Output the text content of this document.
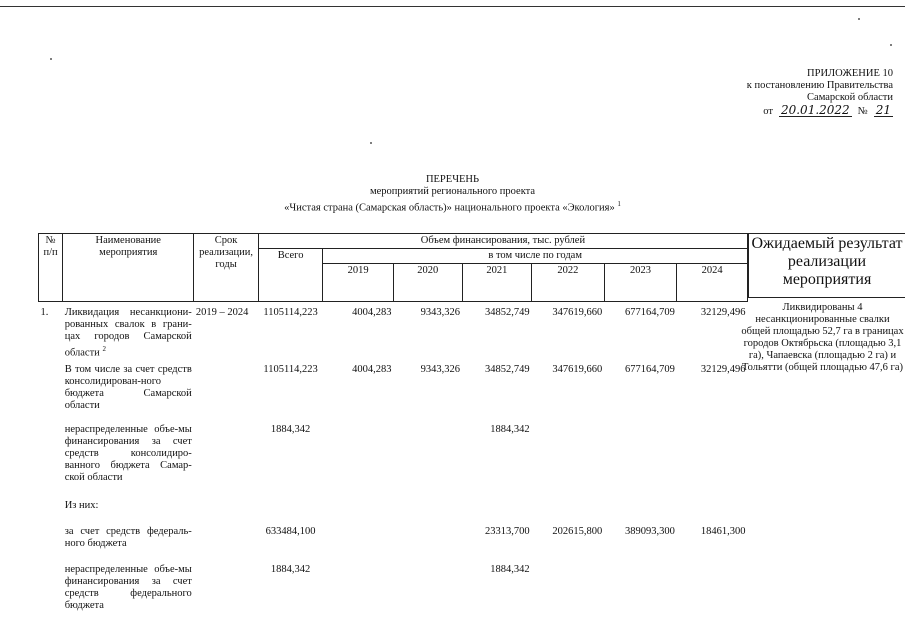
ПРИЛОЖЕНИЕ 10
к постановлению Правительства
Самарской области
от 20.01.2022 № 21
ПЕРЕЧЕНЬ
мероприятий регионального проекта
«Чистая страна (Самарская область)» национального проекта «Экология» $^1$
№ п/п	Наименование мероприятия	Срок реализации, годы	Объем финансирования, тыс. рублей						
			Всего	в том числе по годам					
				2019	2020	2021	2022	2023	2024
1.	Ликвидация несанкциони-рованных свалок в грани-цах городов Самарской области $^2$	2019 – 2024	1105114,223	4004,283	9343,326	34852,749	347619,660	677164,709	32129,496
	В том числе за счет средств консолидирован-ного бюджета Самарской области		1105114,223	4004,283	9343,326	34852,749	347619,660	677164,709	32129,496
	нераспределенные объе-мы финансирования за счет средств консолидиро-ванного бюджета Самар-ской области		1884,342			1884,342			
	Из них:								
	за счет средств федераль-ного бюджета		633484,100			23313,700	202615,800	389093,300	18461,300
	нераспределенные объе-мы финансирования за счет средств федерального бюджета		1884,342			1884,342			
Ожидаемый результат реализации мероприятия
Ликвидированы 4 несанкционированные свалки общей площадью 52,7 га в границах городов Октябрьска (площадью 3,1 га), Чапаевска (площадью 2 га) и Тольятти (общей площадью 47,6 га)
